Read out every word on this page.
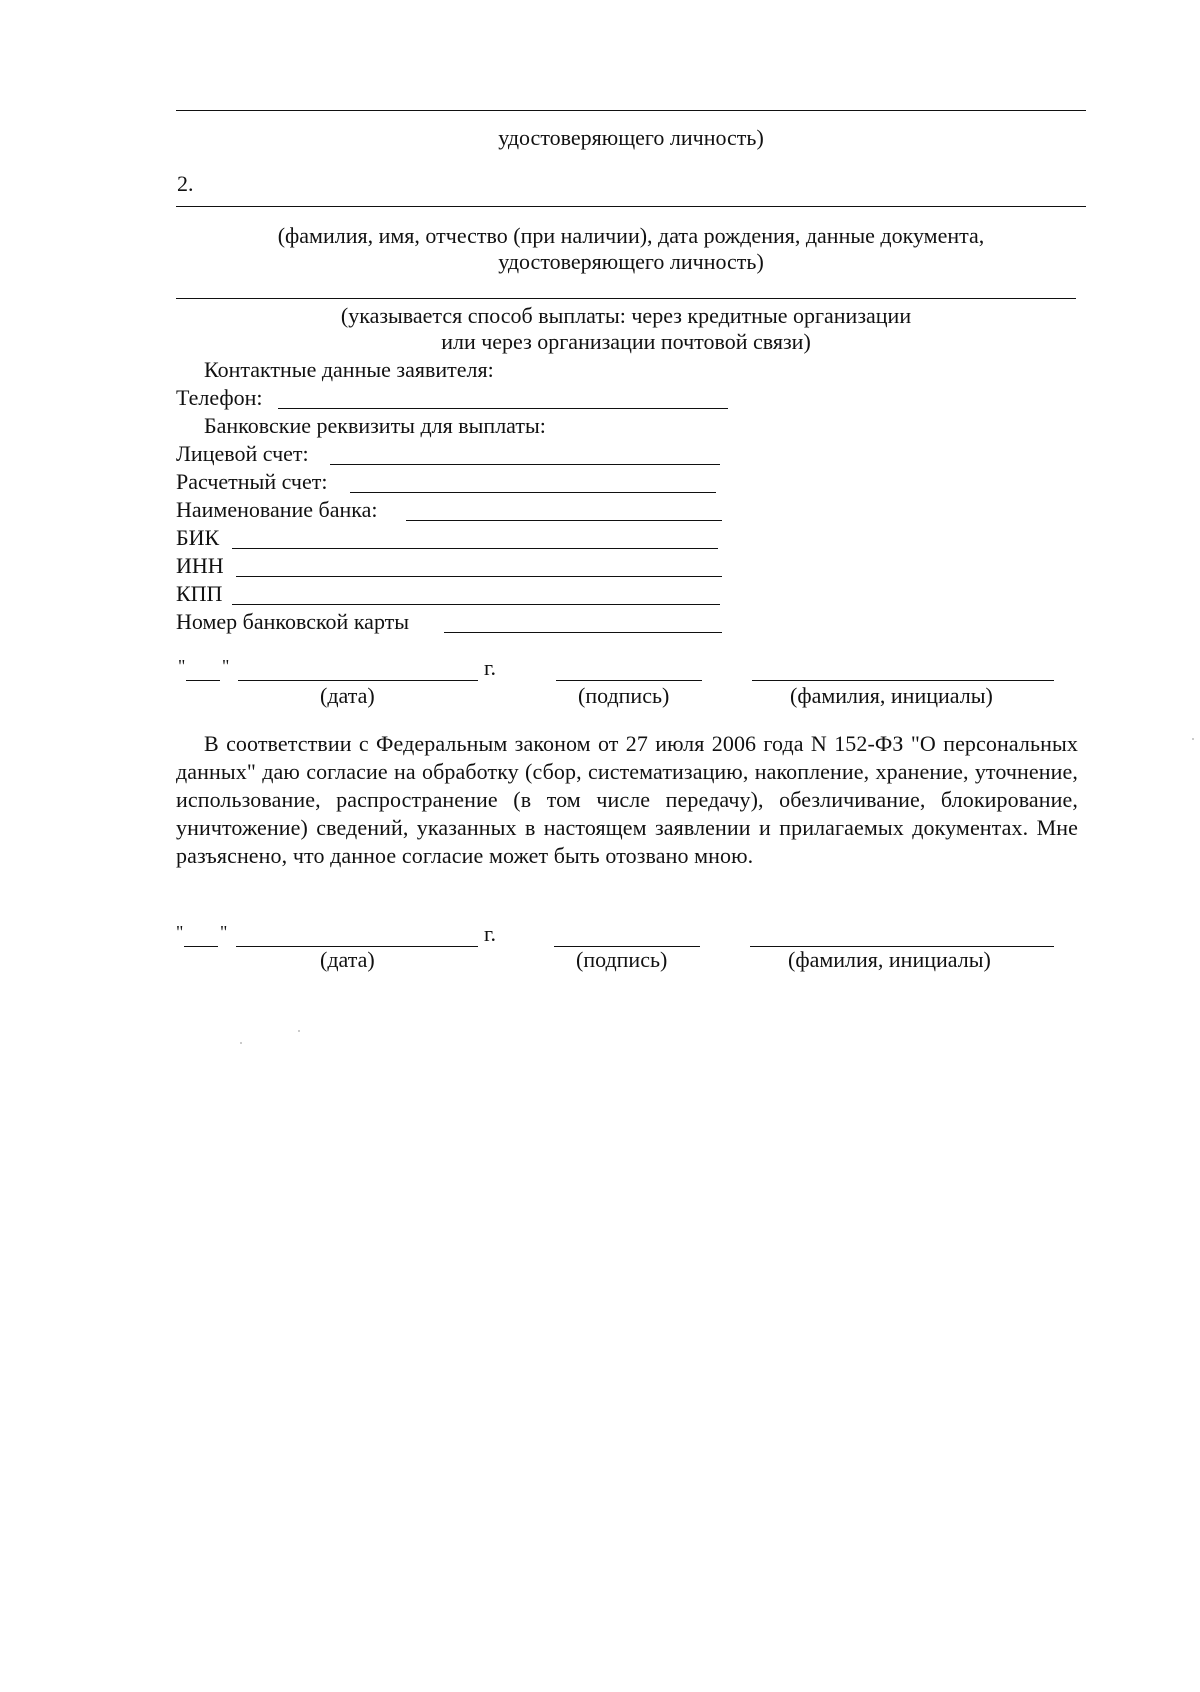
удостоверяющего личность)
2.
(фамилия, имя, отчество (при наличии), дата рождения, данные документа,
удостоверяющего личность)
(указывается способ выплаты: через кредитные организации
или через организации почтовой связи)
Контактные данные заявителя:
Телефон:
Банковские реквизиты для выплаты:
Лицевой счет:
Расчетный счет:
Наименование банка:
БИК
ИНН
КПП
Номер банковской карты
" "	г.
(дата)	(подпись)	(фамилия, инициалы)
В соответствии с Федеральным законом от 27 июля 2006 года N 152-ФЗ "О персональных данных" даю согласие на обработку (сбор, систематизацию, накопление, хранение, уточнение, использование, распространение (в том числе передачу), обезличивание, блокирование, уничтожение) сведений, указанных в настоящем заявлении и прилагаемых документах. Мне разъяснено, что данное согласие может быть отозвано мною.
" "	г.
(дата)	(подпись)	(фамилия, инициалы)
